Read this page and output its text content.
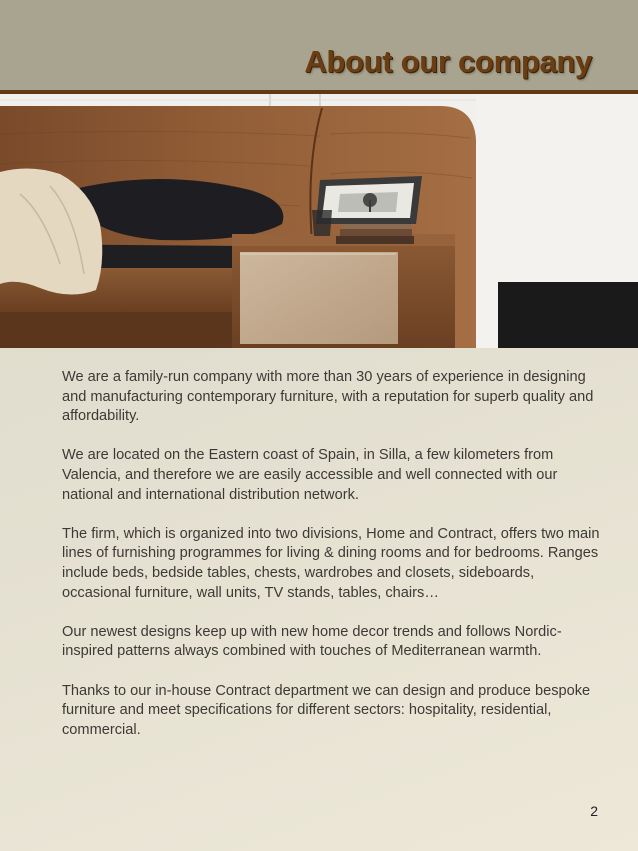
About our company

We are a family-run company with more than 30 years of experience in designing and manufacturing contemporary furniture, with a reputation for superb quality and affordability.

We are located on the Eastern coast of Spain, in Silla, a few kilometers from Valencia, and therefore we are easily accessible and well connected with our national and international distribution network.

The firm, which is organized into two divisions, Home and Contract, offers two main lines of furnishing programmes for living & dining rooms and for bedrooms. Ranges include beds, bedside tables, chests, wardrobes and closets, sideboards, occasional furniture, wall units, TV stands, tables, chairs…

Our newest designs keep up with new home decor trends and follows Nordic-inspired patterns always combined with touches of Mediterranean warmth.

Thanks to our in-house Contract department we can design and produce bespoke furniture and meet specifications for different sectors: hospitality, residential, commercial.

2
